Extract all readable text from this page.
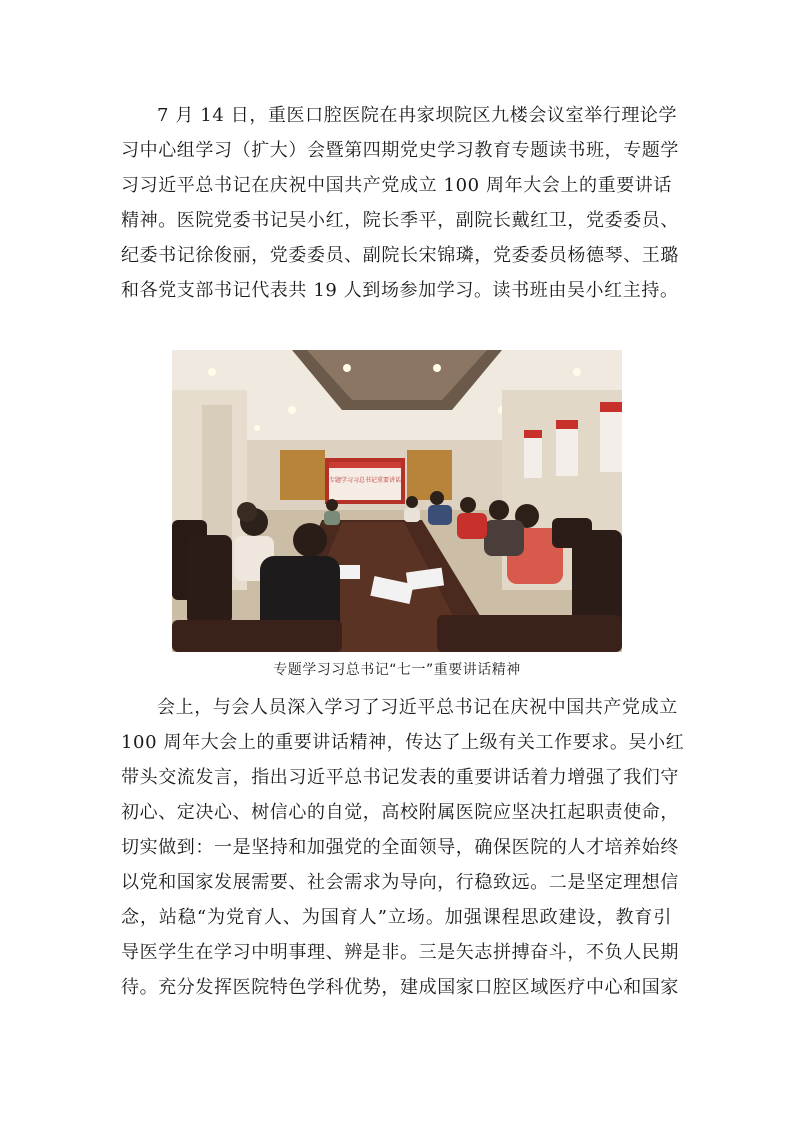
7 月 14 日，重医口腔医院在冉家坝院区九楼会议室举行理论学
习中心组学习（扩大）会暨第四期党史学习教育专题读书班，专题学
习习近平总书记在庆祝中国共产党成立 100 周年大会上的重要讲话
精神。医院党委书记吴小红，院长季平，副院长戴红卫，党委委员、
纪委书记徐俊丽，党委委员、副院长宋锦璘，党委委员杨德琴、王璐
和各党支部书记代表共 19 人到场参加学习。读书班由吴小红主持。
专题学习习总书记重要讲话
专题学习习总书记“七一”重要讲话精神
会上，与会人员深入学习了习近平总书记在庆祝中国共产党成立
100 周年大会上的重要讲话精神，传达了上级有关工作要求。吴小红
带头交流发言，指出习近平总书记发表的重要讲话着力增强了我们守
初心、定决心、树信心的自觉，高校附属医院应坚决扛起职责使命，
切实做到：一是坚持和加强党的全面领导，确保医院的人才培养始终
以党和国家发展需要、社会需求为导向，行稳致远。二是坚定理想信
念，站稳“为党育人、为国育人”立场。加强课程思政建设，教育引
导医学生在学习中明事理、辨是非。三是矢志拼搏奋斗，不负人民期
待。充分发挥医院特色学科优势，建成国家口腔区域医疗中心和国家
